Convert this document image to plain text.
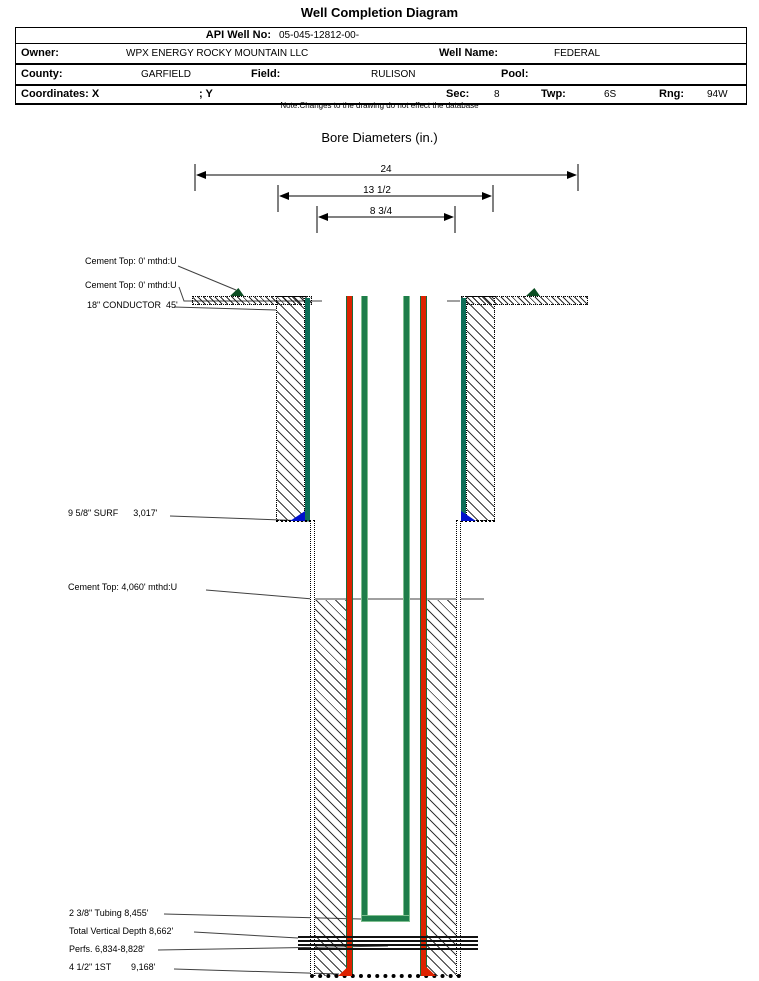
Well Completion Diagram
API Well No: 05-045-12812-00-
Owner:	WPX ENERGY ROCKY MOUNTAIN LLC	Well Name:	FEDERAL
County:	GARFIELD	Field:	RULISON	Pool:
Coordinates: X	; Y	Sec: 8	Twp:	6S	Rng: 94W
Note:Changes to the drawing do not effect the database
Bore Diameters (in.)
24
13 1/2
8 3/4
Cement Top: 0' mthd:U
Cement Top: 0' mthd:U
18" CONDUCTOR  45'
9 5/8" SURF      3,017'
Cement Top: 4,060' mthd:U
2 3/8" Tubing 8,455'
Total Vertical Depth 8,662'
Perfs. 6,834-8,828'
4 1/2" 1ST        9,168'
